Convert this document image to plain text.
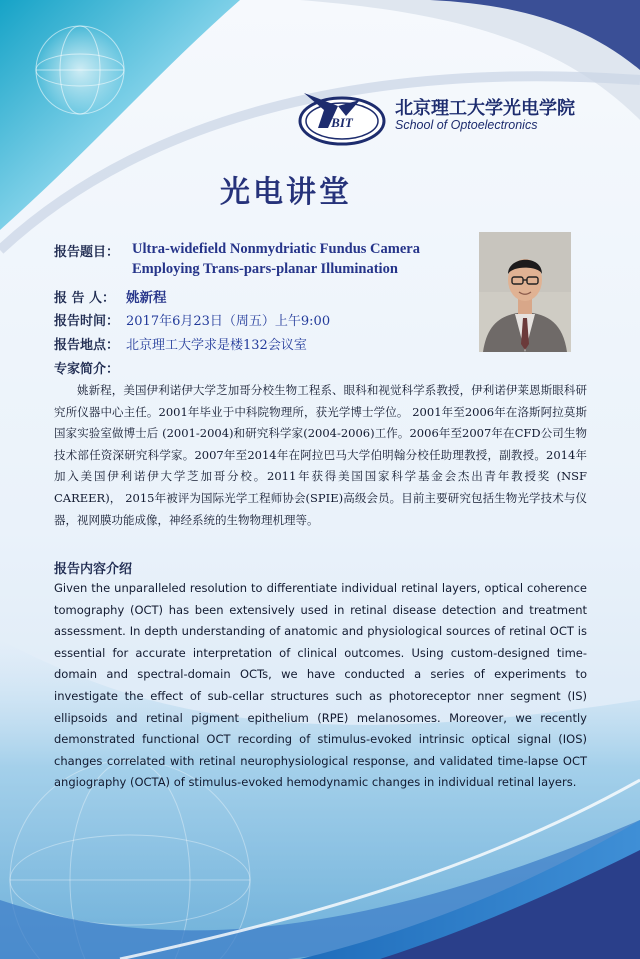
BIT
北京理工大学光电学院
School of Optoelectronics
光电讲堂
报告题目： Ultra-widefield Nonmydriatic Fundus Camera
Employing Trans-pars-planar Illumination
报 告 人： 姚新程
报告时间： 2017年6月23日（周五）上午9:00
报告地点： 北京理工大学求是楼132会议室
专家简介：

姚新程，美国伊利诺伊大学芝加哥分校生物工程系、眼科和视觉科学系教授，伊利诺伊莱恩斯眼科研究所仪器中心主任。2001年毕业于中科院物理所，获光学博士学位。 2001年至2006年在洛斯阿拉莫斯国家实验室做博士后 (2001-2004)和研究科学家(2004-2006)工作。2006年至2007年在CFD公司生物技术部任资深研究科学家。2007年至2014年在阿拉巴马大学伯明翰分校任助理教授，副教授。2014年加入美国伊利诺伊大学芝加哥分校。2011年获得美国国家科学基金会杰出青年教授奖 (NSF CAREER)， 2015年被评为国际光学工程师协会(SPIE)高级会员。目前主要研究包括生物光学技术与仪器，视网膜功能成像，神经系统的生物物理机理等。

报告内容介绍

Given the unparalleled resolution to differentiate individual retinal layers, optical coherence tomography (OCT) has been extensively used in retinal disease detection and treatment assessment. In depth understanding of anatomic and physiological sources of retinal OCT is essential for accurate interpretation of clinical outcomes. Using custom-designed time-domain and spectral-domain OCTs, we have conducted a series of experiments to investigate the effect of sub-cellar structures such as photoreceptor nner segment (IS) ellipsoids and retinal pigment epithelium (RPE) melanosomes. Moreover, we recently demonstrated functional OCT recording of stimulus-evoked intrinsic optical signal (IOS) changes correlated with retinal neurophysiological response, and validated time-lapse OCT angiography (OCTA) of stimulus-evoked hemodynamic changes in individual retinal layers.
